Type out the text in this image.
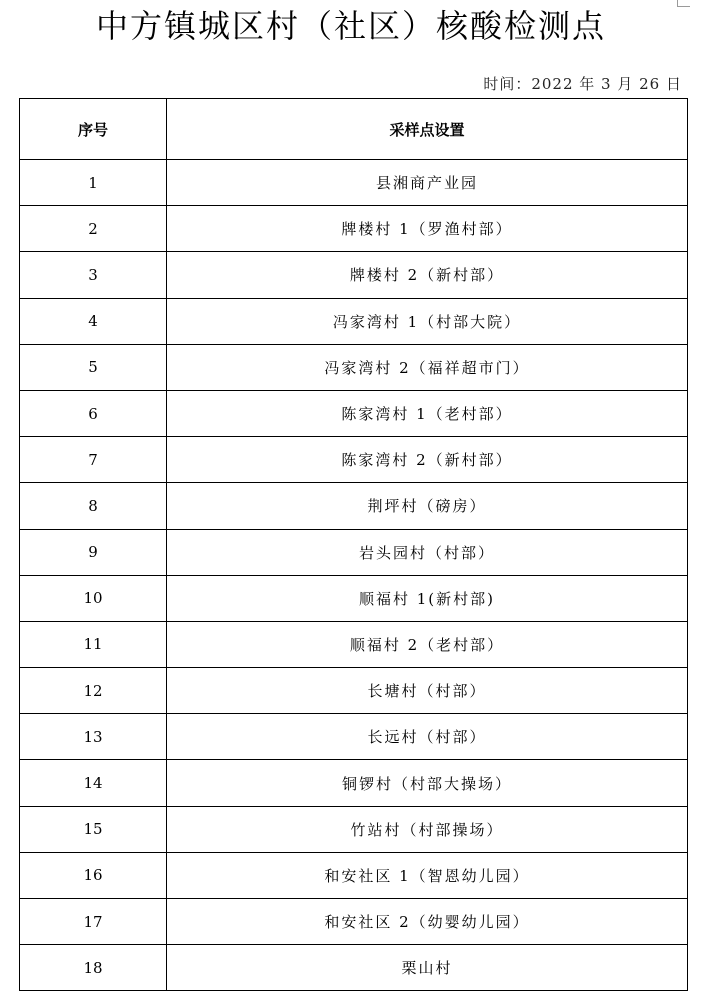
中方镇城区村（社区）核酸检测点
时间：2022 年 3 月 26 日
序号	采样点设置
1	县湘商产业园
2	牌楼村 1（罗渔村部）
3	牌楼村 2（新村部）
4	冯家湾村 1（村部大院）
5	冯家湾村 2（福祥超市门）
6	陈家湾村 1（老村部）
7	陈家湾村 2（新村部）
8	荆坪村（磅房）
9	岩头园村（村部）
10	顺福村 1(新村部)
11	顺福村 2（老村部）
12	长塘村（村部）
13	长远村（村部）
14	铜锣村（村部大操场）
15	竹站村（村部操场）
16	和安社区 1（智恩幼儿园）
17	和安社区 2（幼婴幼儿园）
18	栗山村
